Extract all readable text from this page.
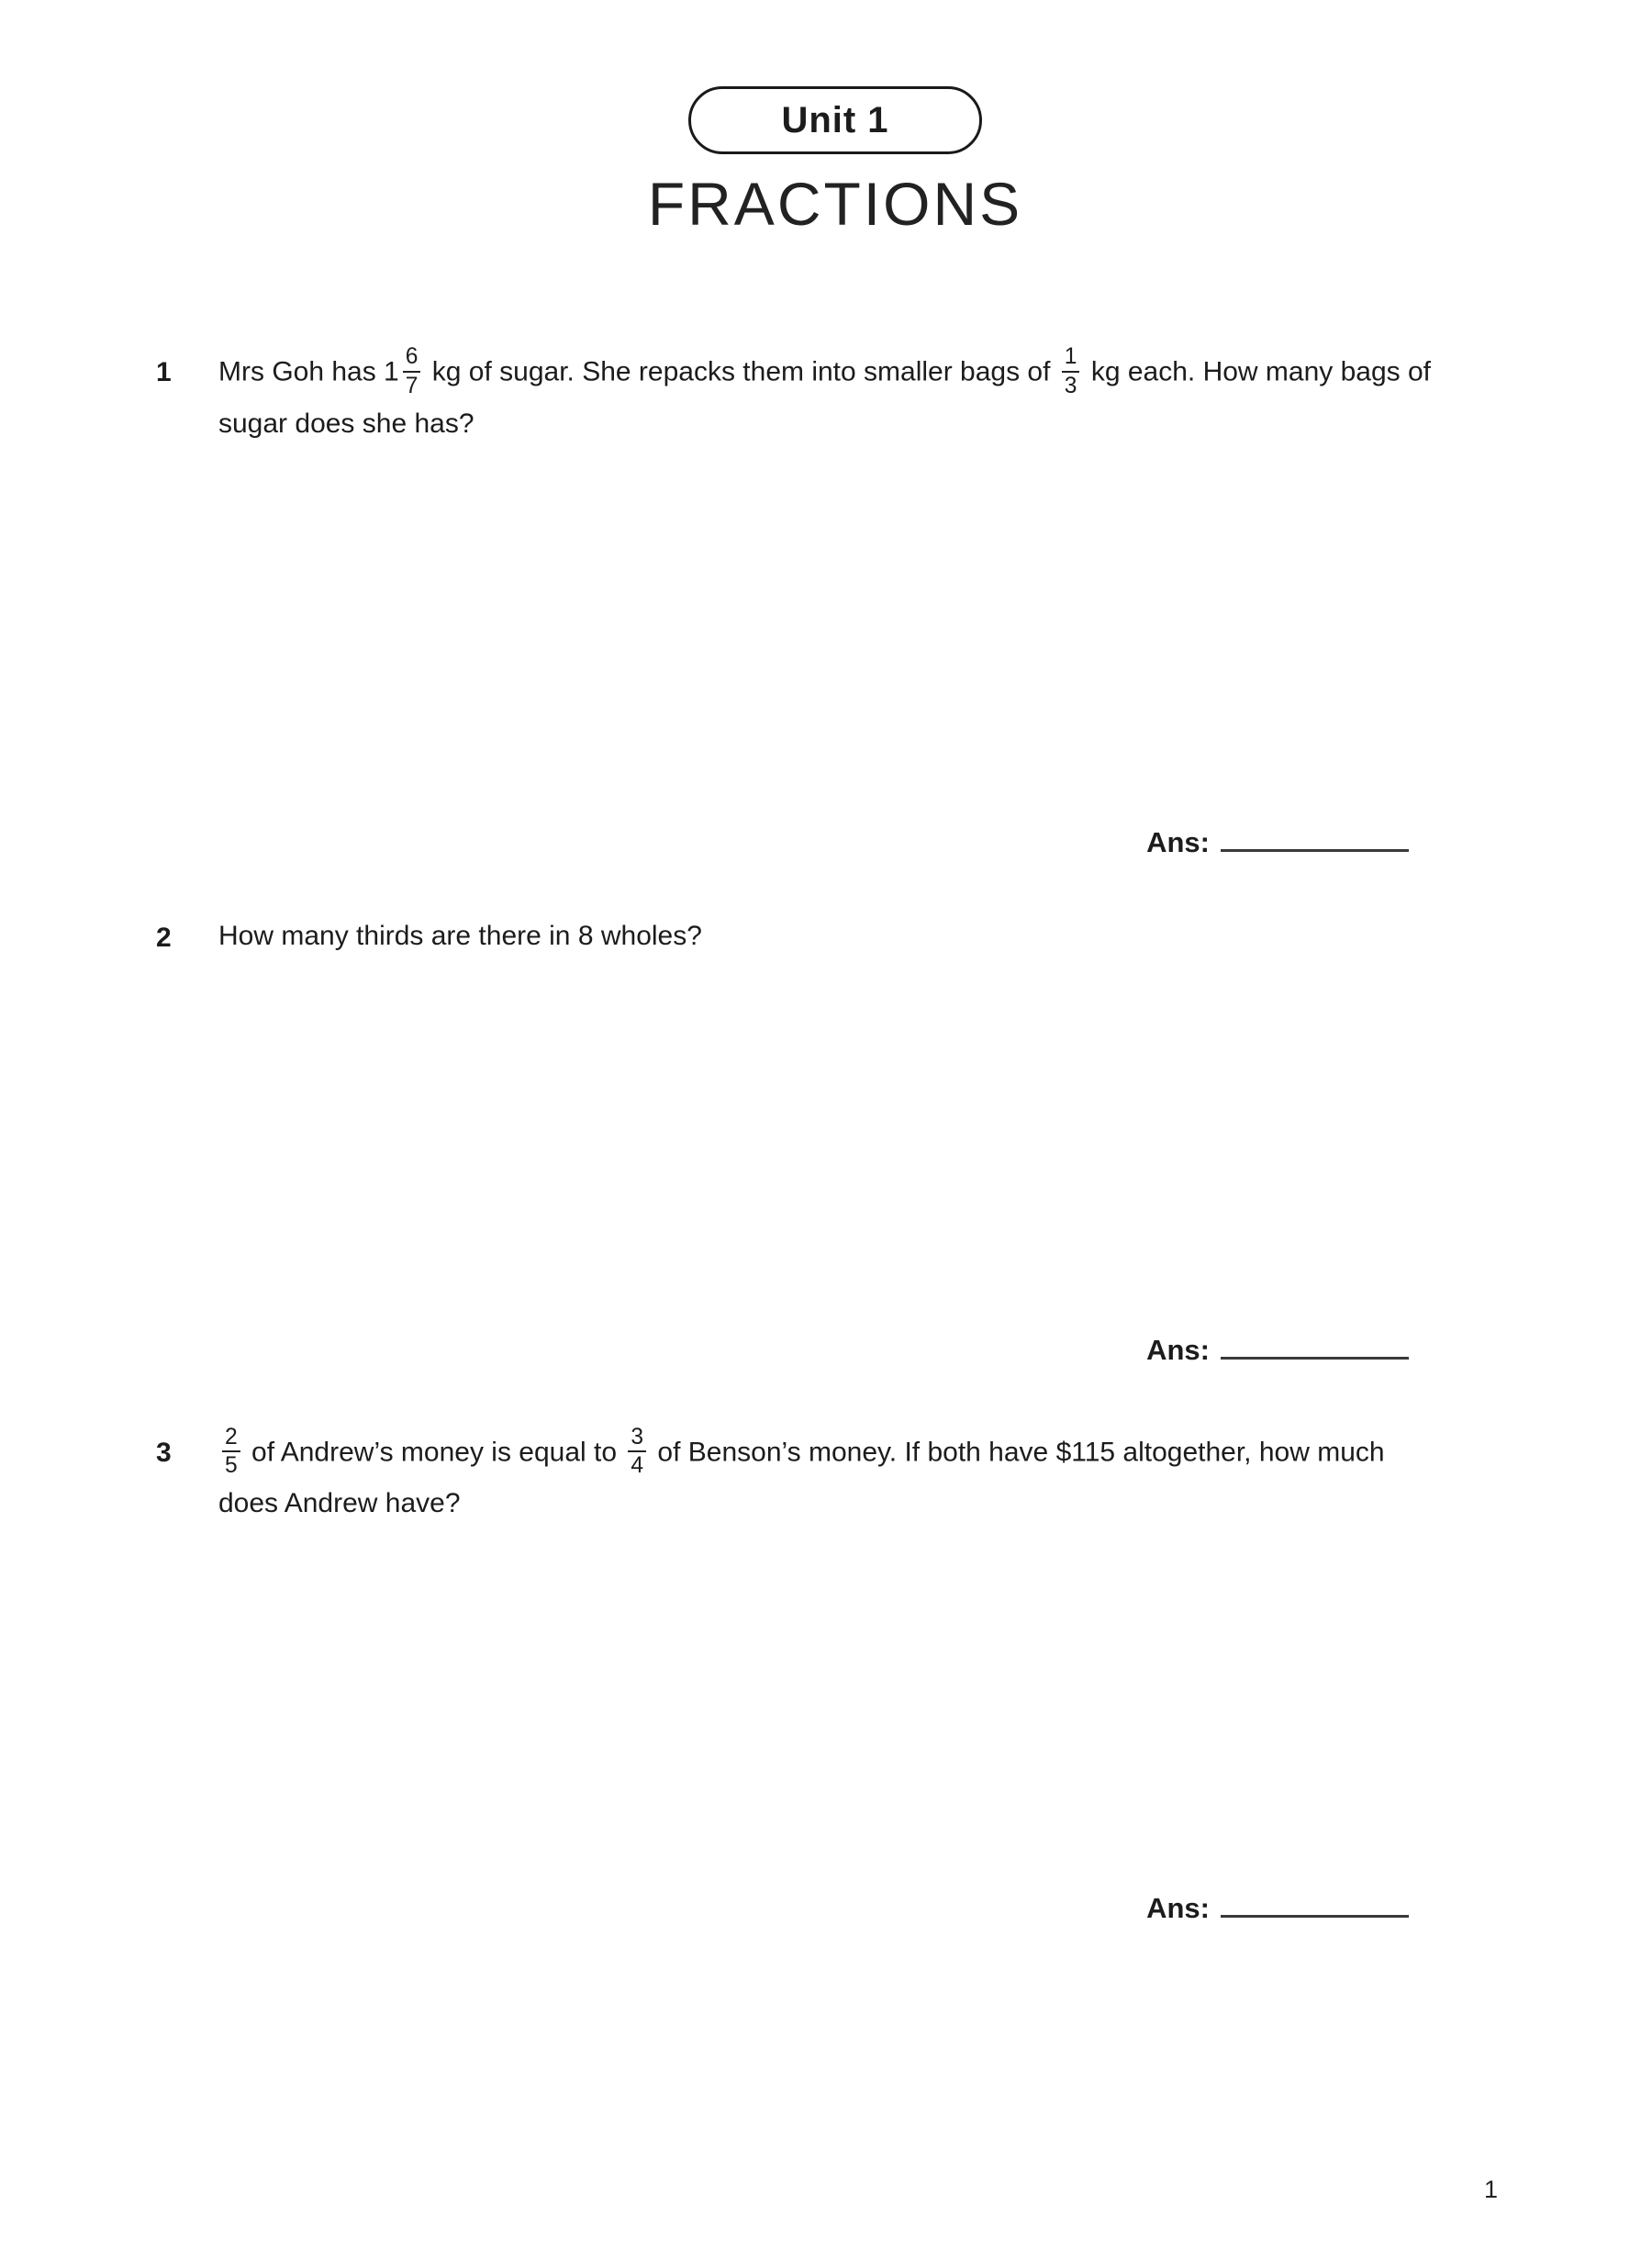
Unit 1
FRACTIONS
1	Mrs Goh has $1 \frac{6}{7}$ kg of sugar. She repacks them into smaller bags of $\frac{1}{3}$ kg each. How many bags of sugar does she has?
Ans:
2	How many thirds are there in 8 wholes?
Ans:
3	$\frac{2}{5}$ of Andrew’s money is equal to $\frac{3}{4}$ of Benson’s money. If both have $115 altogether, how much does Andrew have?
Ans:
1
